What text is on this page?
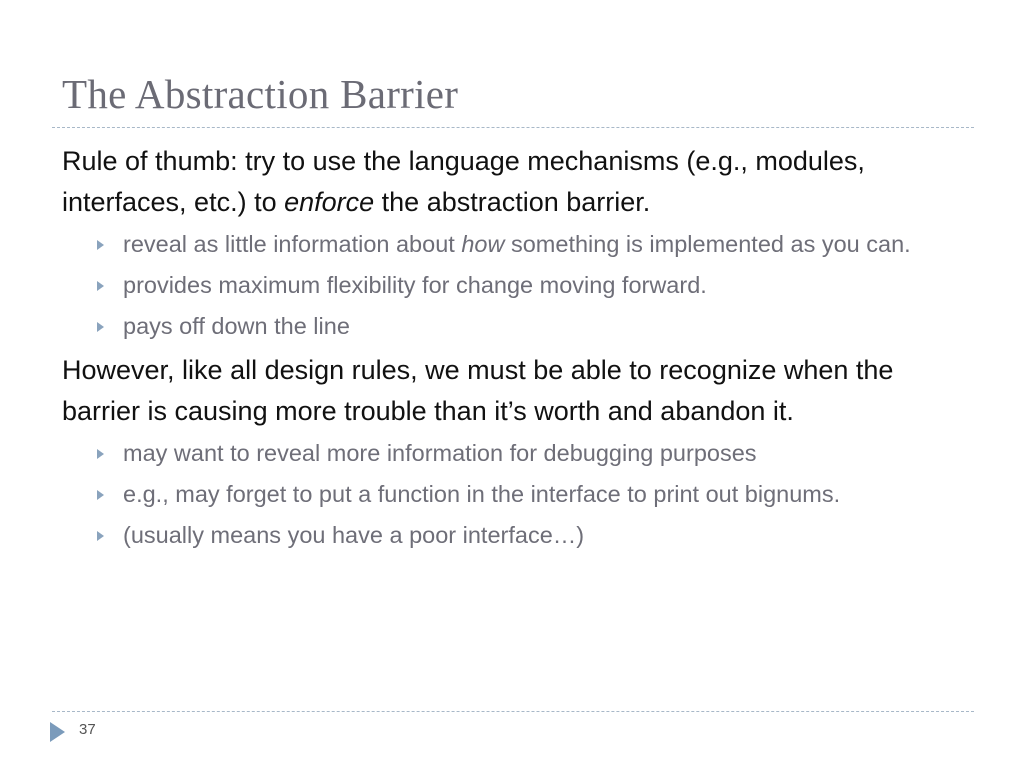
The Abstraction Barrier

Rule of thumb: try to use the language mechanisms (e.g., modules, interfaces, etc.) to enforce the abstraction barrier.

reveal as little information about how something is implemented as you can.
provides maximum flexibility for change moving forward.
pays off down the line

However, like all design rules, we must be able to recognize when the barrier is causing more trouble than it’s worth and abandon it.

may want to reveal more information for debugging purposes
e.g., may forget to put a function in the interface to print out bignums.
(usually means you have a poor interface…)
37
